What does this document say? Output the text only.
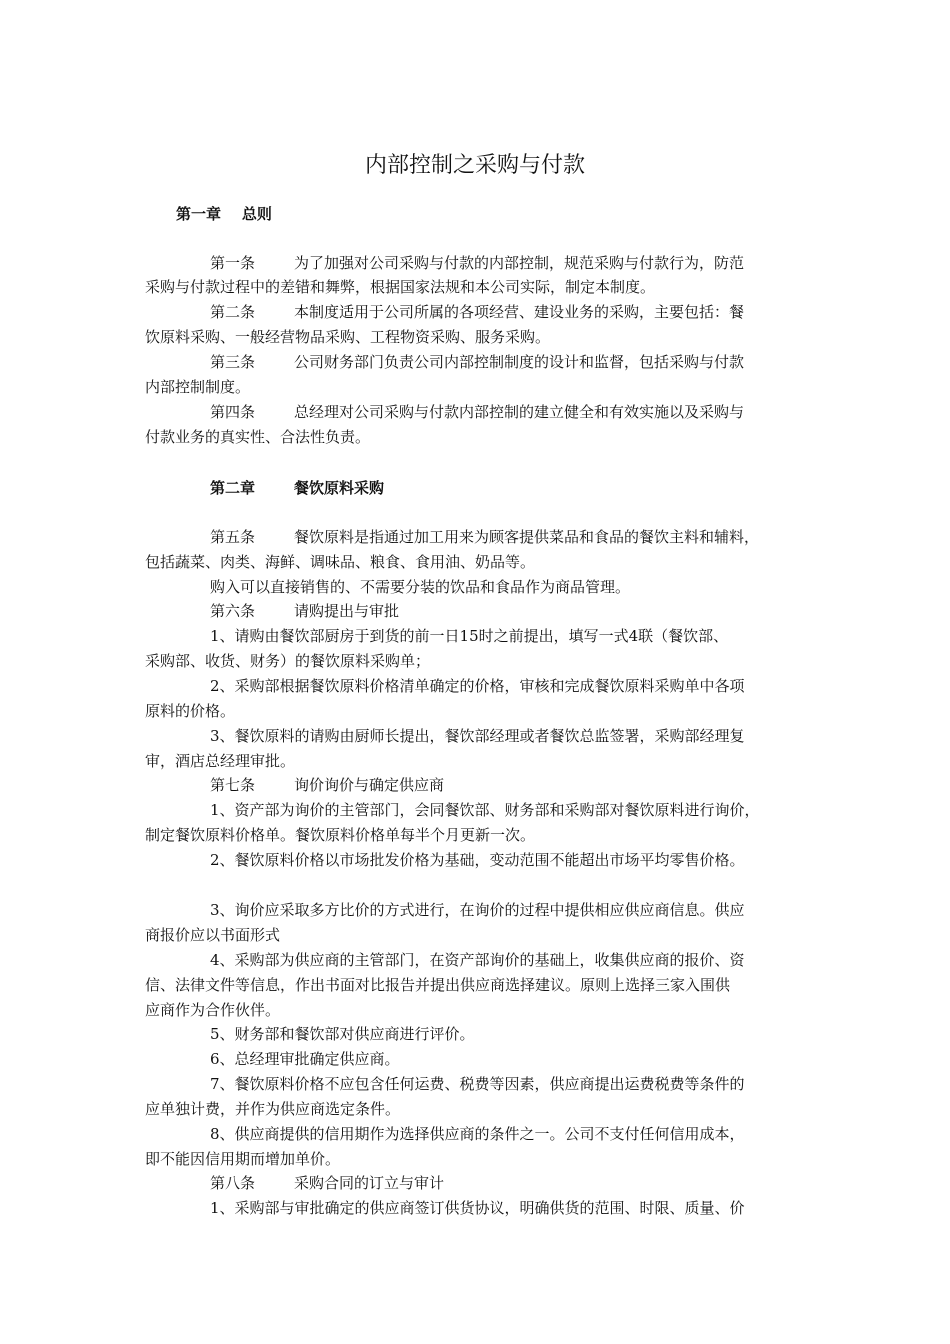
内部控制之采购与付款
第一章 总则
第一条	为了加强对公司采购与付款的内部控制，规范采购与付款行为，防范
采购与付款过程中的差错和舞弊，根据国家法规和本公司实际，制定本制度。
第二条	本制度适用于公司所属的各项经营、建设业务的采购，主要包括：餐
饮原料采购、一般经营物品采购、工程物资采购、服务采购。
第三条	公司财务部门负责公司内部控制制度的设计和监督，包括采购与付款
内部控制制度。
第四条	总经理对公司采购与付款内部控制的建立健全和有效实施以及采购与
付款业务的真实性、合法性负责。
第二章	餐饮原料采购
第五条	餐饮原料是指通过加工用来为顾客提供菜品和食品的餐饮主料和辅料，
包括蔬菜、肉类、海鲜、调味品、粮食、食用油、奶品等。
购入可以直接销售的、不需要分装的饮品和食品作为商品管理。
第六条	请购提出与审批
1、请购由餐饮部厨房于到货的前一日15时之前提出，填写一式4联（餐饮部、
采购部、收货、财务）的餐饮原料采购单；
2、采购部根据餐饮原料价格清单确定的价格，审核和完成餐饮原料采购单中各项
原料的价格。
3、餐饮原料的请购由厨师长提出，餐饮部经理或者餐饮总监签署，采购部经理复
审，酒店总经理审批。
第七条	询价询价与确定供应商
1、资产部为询价的主管部门，会同餐饮部、财务部和采购部对餐饮原料进行询价，
制定餐饮原料价格单。餐饮原料价格单每半个月更新一次。
2、餐饮原料价格以市场批发价格为基础，变动范围不能超出市场平均零售价格。
3、询价应采取多方比价的方式进行，在询价的过程中提供相应供应商信息。供应
商报价应以书面形式
4、采购部为供应商的主管部门，在资产部询价的基础上，收集供应商的报价、资
信、法律文件等信息，作出书面对比报告并提出供应商选择建议。原则上选择三家入围供
应商作为合作伙伴。
5、财务部和餐饮部对供应商进行评价。
6、总经理审批确定供应商。
7、餐饮原料价格不应包含任何运费、税费等因素，供应商提出运费税费等条件的
应单独计费，并作为供应商选定条件。
8、供应商提供的信用期作为选择供应商的条件之一。公司不支付任何信用成本，
即不能因信用期而增加单价。
第八条	采购合同的订立与审计
1、采购部与审批确定的供应商签订供货协议，明确供货的范围、时限、质量、价
